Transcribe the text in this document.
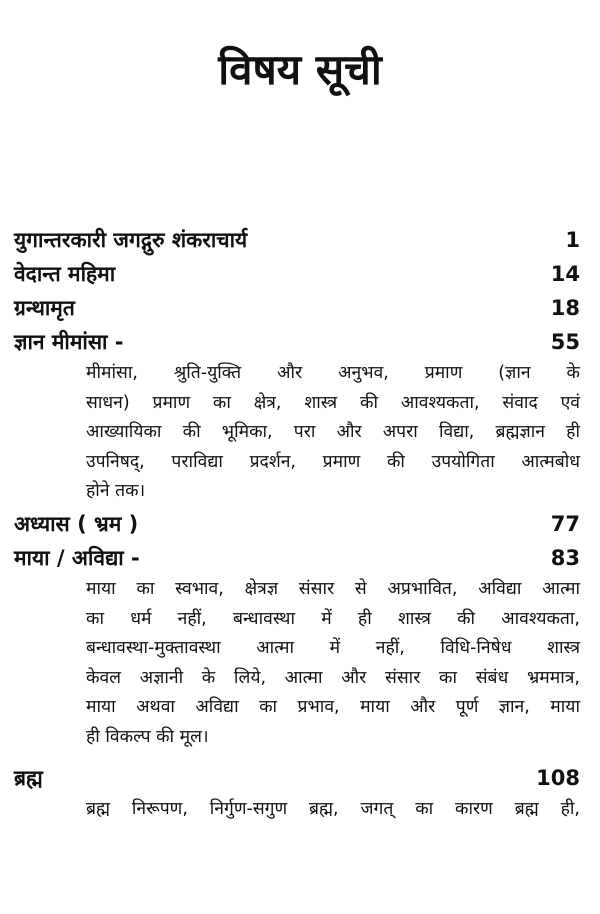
विषय सूची
युगान्तरकारी जगद्गुरु शंकराचार्य	1
वेदान्त महिमा	14
ग्रन्थामृत	18
ज्ञान मीमांसा -	55
मीमांसा, श्रुति-युक्ति और अनुभव, प्रमाण (ज्ञान के
साधन) प्रमाण का क्षेत्र, शास्त्र की आवश्यकता, संवाद एवं
आख्यायिका की भूमिका, परा और अपरा विद्या, ब्रह्मज्ञान ही
उपनिषद्, पराविद्या प्रदर्शन, प्रमाण की उपयोगिता आत्मबोध
होने तक।
अध्यास ( भ्रम )	77
माया / अविद्या -	83
माया का स्वभाव, क्षेत्रज्ञ संसार से अप्रभावित, अविद्या आत्मा
का धर्म नहीं, बन्धावस्था में ही शास्त्र की आवश्यकता,
बन्धावस्था-मुक्तावस्था आत्मा में नहीं, विधि-निषेध शास्त्र
केवल अज्ञानी के लिये, आत्मा और संसार का संबंध भ्रममात्र,
माया अथवा अविद्या का प्रभाव, माया और पूर्ण ज्ञान, माया
ही विकल्प की मूल।
ब्रह्म	108
ब्रह्म निरूपण, निर्गुण-सगुण ब्रह्म, जगत् का कारण ब्रह्म ही,
